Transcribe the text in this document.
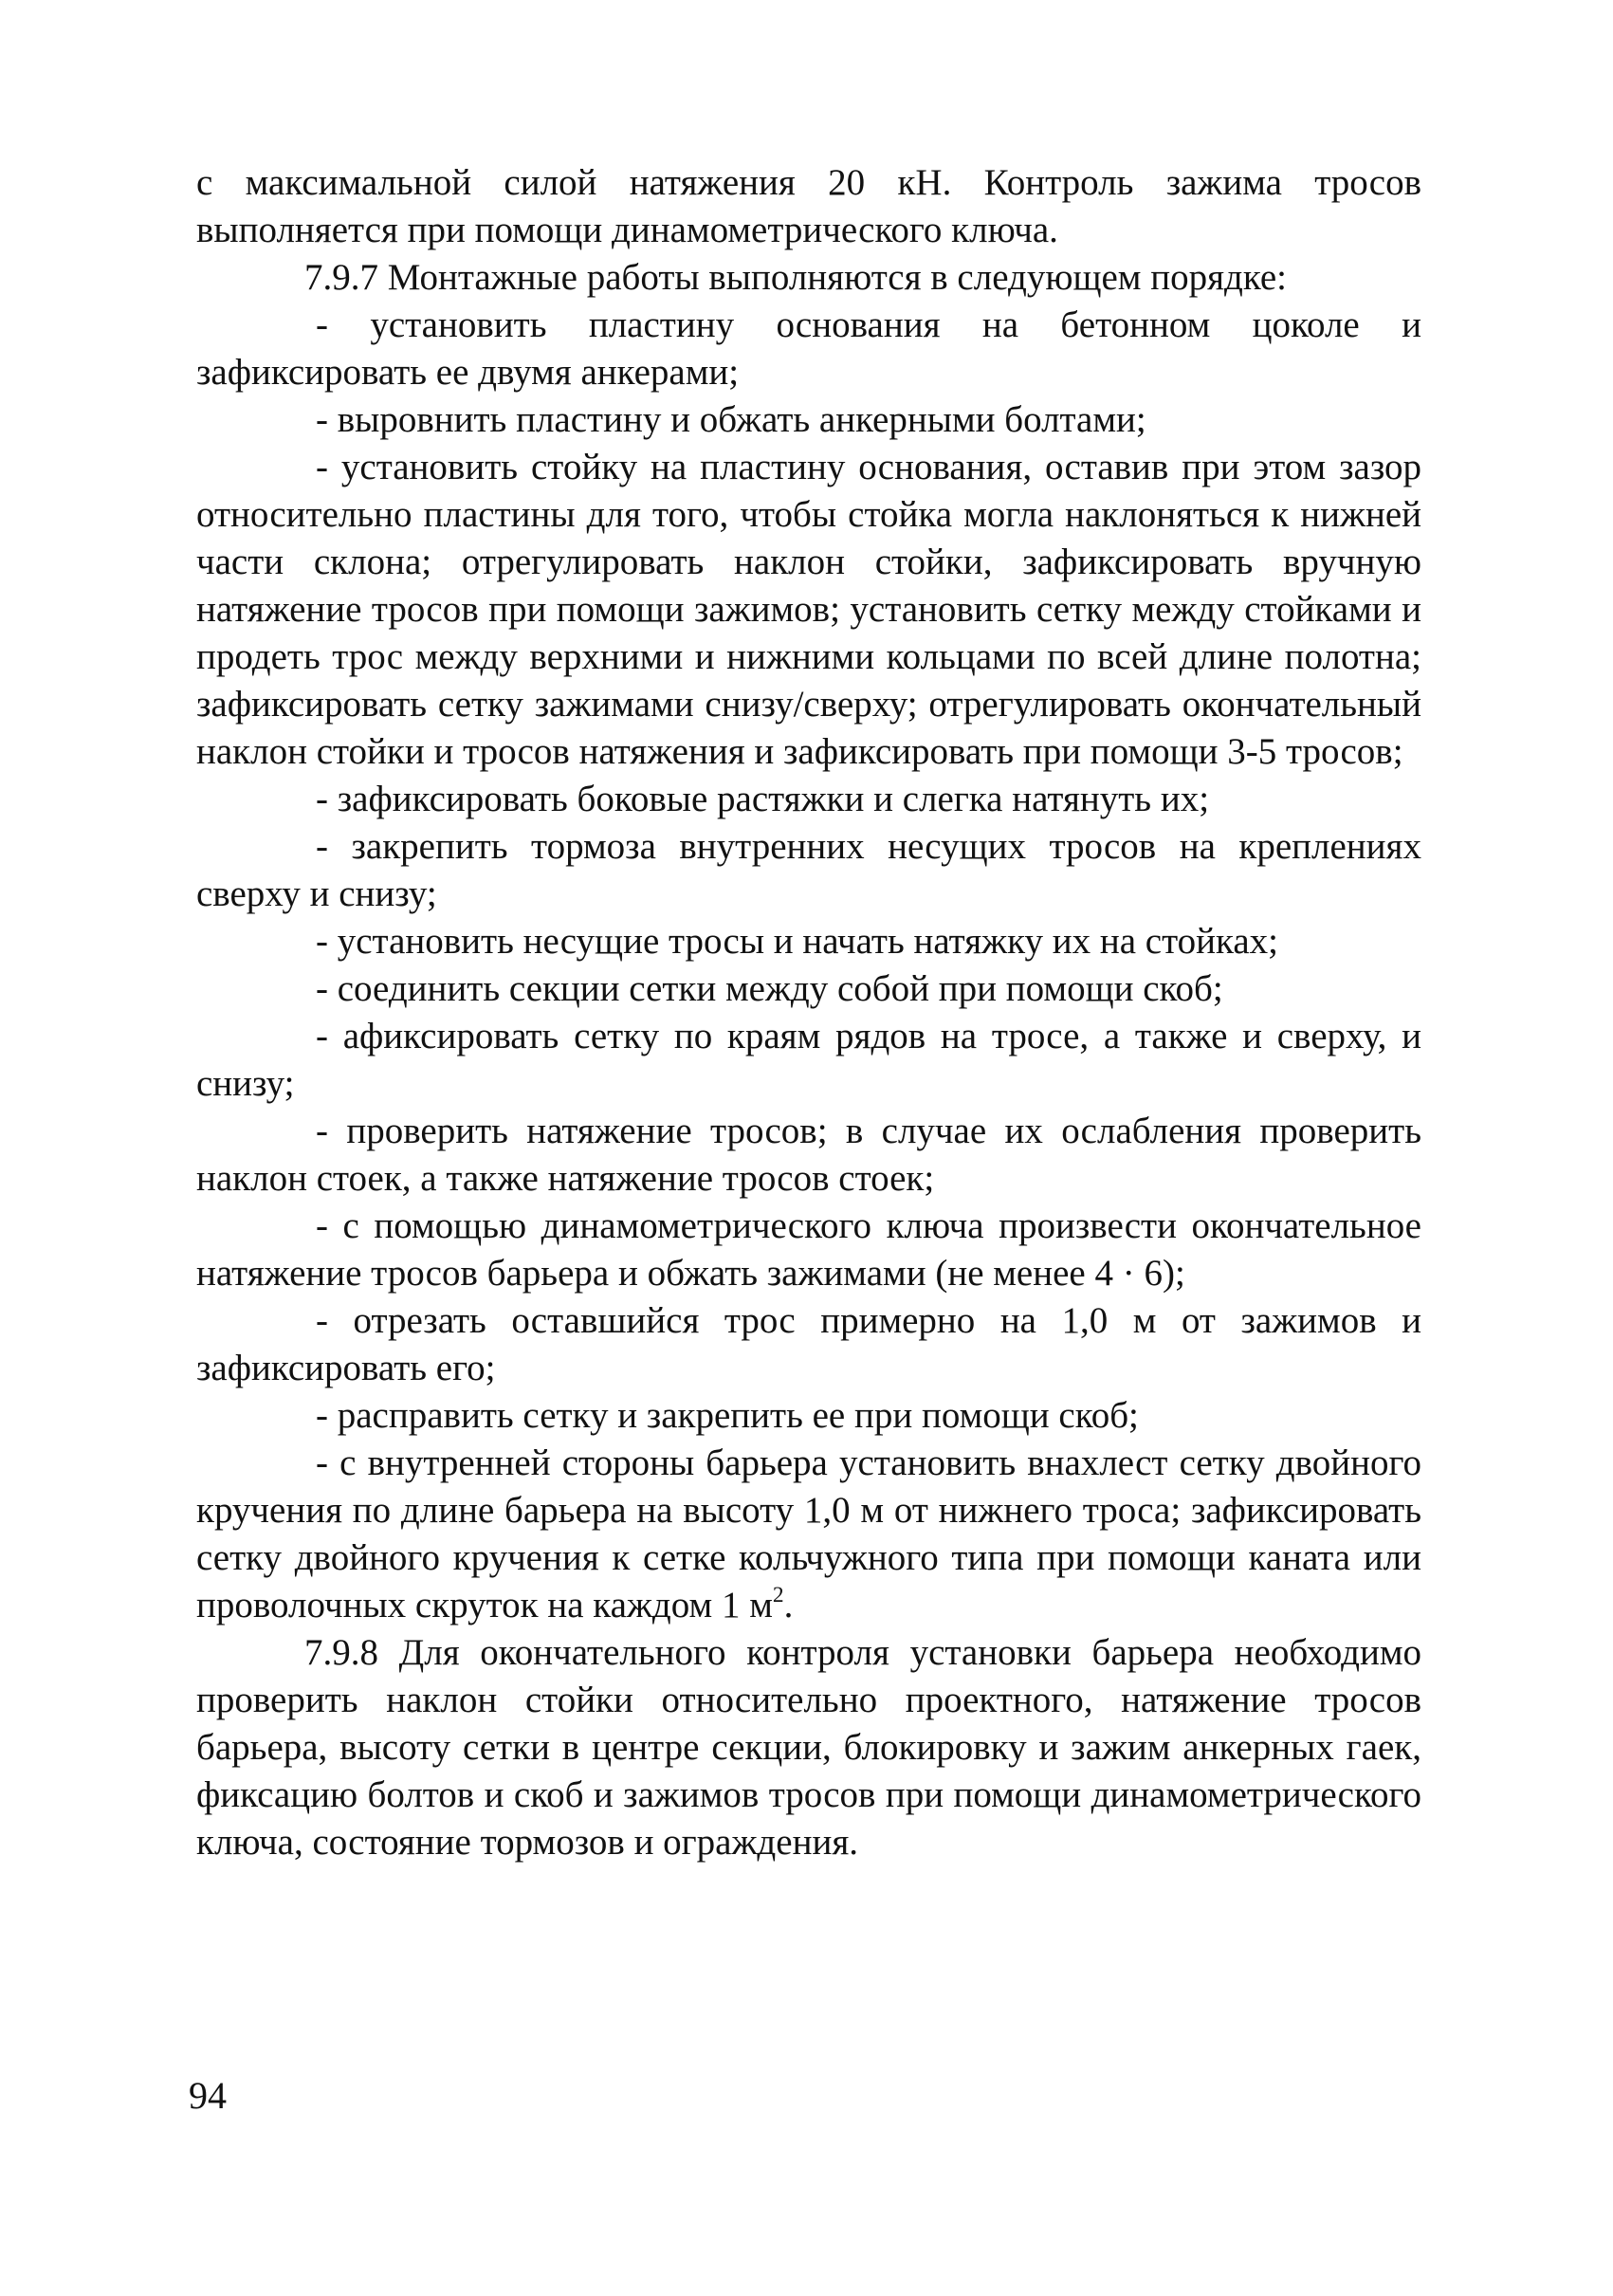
с максимальной силой натяжения 20 кН. Контроль зажима тросов выполняется при помощи динамометрического ключа.

7.9.7 Монтажные работы выполняются в следующем порядке:

- установить пластину основания на бетонном цоколе и зафиксировать ее двумя анкерами;

- выровнить пластину и обжать анкерными болтами;

- установить стойку на пластину основания, оставив при этом зазор относительно пластины для того, чтобы стойка могла наклоняться к нижней части склона; отрегулировать наклон стойки, зафиксировать вручную натяжение тросов при помощи зажимов; установить сетку между стойками и продеть трос между верхними и нижними кольцами по всей длине полотна; зафиксировать сетку зажимами снизу/сверху; отрегулировать окончательный наклон стойки и тросов натяжения и зафиксировать при помощи 3-5 тросов;

- зафиксировать боковые растяжки и слегка натянуть их;

- закрепить тормоза внутренних несущих тросов на креплениях сверху и снизу;

- установить несущие тросы и начать натяжку их на стойках;

- соединить секции сетки между собой при помощи скоб;

- афиксировать сетку по краям рядов на тросе, а также и сверху, и снизу;

- проверить натяжение тросов; в случае их ослабления проверить наклон стоек, а также натяжение тросов стоек;

- с помощью динамометрического ключа произвести окончательное натяжение тросов барьера и обжать зажимами (не менее 4 · 6);

- отрезать оставшийся трос примерно на 1,0 м от зажимов и зафиксировать его;

- расправить сетку и закрепить ее при помощи скоб;

- с внутренней стороны барьера установить внахлест сетку двойного кручения по длине барьера на высоту 1,0 м от нижнего троса; зафиксировать сетку двойного кручения к сетке кольчужного типа при помощи каната или проволочных скруток на каждом 1 $м^2$.

7.9.8 Для окончательного контроля установки барьера необходимо проверить наклон стойки относительно проектного, натяжение тросов барьера, высоту сетки в центре секции, блокировку и зажим анкерных гаек, фиксацию болтов и скоб и зажимов тросов при помощи динамометрического ключа, состояние тормозов и ограждения.

94
